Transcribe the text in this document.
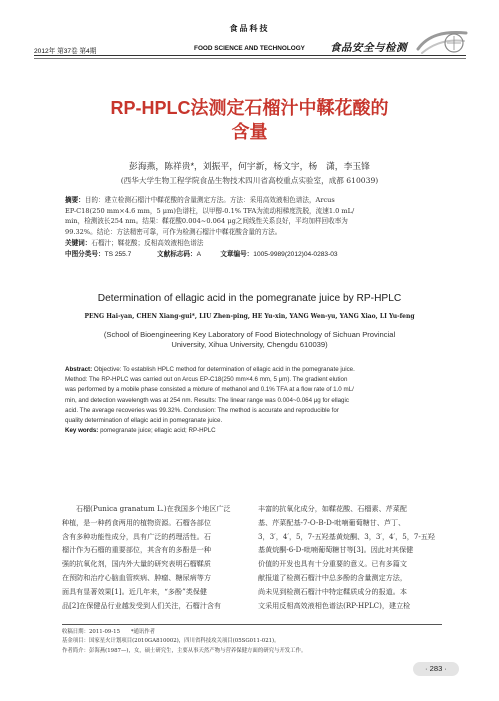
食品科技
2012年 第37卷 第4期	FOOD SCIENCE AND TECHNOLOGY	食品安全与检测
RP-HPLC法测定石榴汁中鞣花酸的
含量
彭海燕，陈祥贵*，刘振平，何宇新，杨文宇，杨　潇，李玉锋
(西华大学生物工程学院食品生物技术四川省高校重点实验室，成都 610039)
摘要：目的：建立检测石榴汁中鞣花酸的含量测定方法。方法：采用高效液相色谱法，Arcus
EP-C18(250 mm×4.6 mm，5 μm)色谱柱，以甲醇-0.1% TFA为流动相梯度洗脱，流速1.0 mL/
min，检测波长254 nm。结果：鞣花酸0.004~0.064 μg之间线性关系良好，平均加样回收率为
99.32%。结论：方法精密可靠，可作为检测石榴汁中鞣花酸含量的方法。
关键词：石榴汁；鞣花酸；反相高效液相色谱法
中图分类号：TS 255.7	文献标志码：A	文章编号：1005-9989(2012)04-0283-03
Determination of ellagic acid in the pomegranate juice by RP-HPLC
PENG Hai-yan, CHEN Xiang-gui*, LIU Zhen-ping, HE Yu-xin, YANG Wen-yu, YANG Xiao, LI Yu-feng
(School of Bioengineering Key Laboratory of Food Biotechnology of Sichuan Provincial
University, Xihua University, Chengdu 610039)
Abstract: Objective: To establish HPLC method for determination of ellagic acid in the pomegranate juice.
Method: The RP-HPLC was carried out on Arcus EP-C18(250 mm×4.6 mm, 5 μm). The gradient elution
was performed by a mobile phase consisted a mixture of methanol and 0.1% TFA at a flow rate of 1.0 mL/
min, and detection wavelength was at 254 nm. Results: The linear range was 0.004~0.064 μg for ellagic
acid. The average recoveries was 99.32%. Conclusion: The method is accurate and reproducible for
quality determination of ellagic acid in pomegranate juice.
Key words: pomegranate juice; ellagic acid; RP-HPLC
石榴(Punica granatum L.)在我国多个地区广泛
种植，是一种药食两用的植物资源。石榴各部位
含有多种功能性成分，具有广泛的药理活性。石
榴汁作为石榴的重要部位，其含有的多酚是一种
强的抗氧化剂，国内外大量的研究表明石榴鞣质
在预防和治疗心脑血管疾病、肿瘤、糖尿病等方
面具有显著效果[1]。近几年来，“多酚”类保健
品[2]在保健品行业越发受到人们关注，石榴汁含有
丰富的抗氧化成分，如鞣花酸、石榴素、芹菜配
基、芹菜配基-7-O-B-D-吡喃葡萄糖甘、芦丁、
3，3′，4′，5，7-五羟基黄烷酮、3，3′，4′，5，7-五羟
基黄烷酮-6-D-吡喃葡萄糖甘等[3]。因此对其保健
价值的开发也具有十分重要的意义。已有多篇文
献报道了检测石榴汁中总多酚的含量测定方法，
尚未见到检测石榴汁中特定鞣质成分的报道。本
文采用反相高效液相色谱法(RP-HPLC)，建立检
收稿日期：2011-09-15　　*通讯作者
基金项目：国家星火计划项目(2010GA810002)，四川省科技攻关项目(05SG011-021)。
作者简介：彭海燕(1987—)，女，硕士研究生，主要从事天然产物与营养保健方面的研究与开发工作。
· 283 ·
